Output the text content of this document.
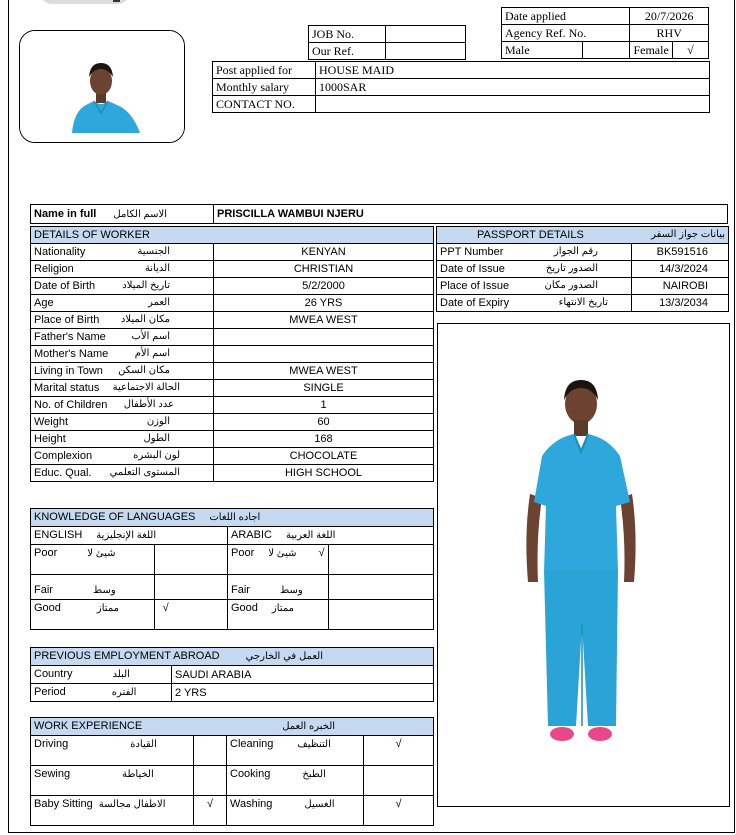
Date applied		20/7/2026	
Agency Ref. No.		RHV	
Male		Female	√
JOB No.	
Our Ref.	
Post applied for	HOUSE MAID
Monthly salary	1000SAR
CONTACT NO.	
Name in full الاسم الكامل	PRISCILLA WAMBUI NJERU
DETAILS OF WORKER	
Nationality الجنسية	KENYAN
Religion الديانة	CHRISTIAN
Date of Birth تاريخ الميلاد	5/2/2000
Age العمر	26 YRS
Place of Birth مكان الميلاد	MWEA WEST
Father's Name اسم الأب	

Mother's Name اسم الأم	

Living in Town مكان السكن	MWEA WEST
Marital status الحالة الاجتماعية	SINGLE
No. of Children عدد الأطفال	1
Weight الوزن	60
Height الطول	168
Complexion لون البشره	CHOCOLATE
Educ. Qual. المستوى التعلمي	HIGH SCHOOL
PASSPORT DETAILS بيانات جواز السفر	

PPT Number رقم الجواز	BK591516
Date of Issue الصدور تاريخ	14/3/2024
Place of Issue الصدور مكان	NAIROBI
Date of Expiry تاريخ الانتهاء	13/3/2034
KNOWLEDGE OF LANGUAGES اجاده اللغات			
ENGLISH اللغة الإنجليزية		ARABIC اللغة العربية	
Poor شيئ لا		Poor شيئ لا √	
Fair وسط		Fair وسط	
Good ممتاز	√	Good ممتاز	
PREVIOUS EMPLOYMENT ABROAD العمل في الخارجي	
Country البلد	SAUDI ARABIA
Period الفتره	2 YRS
WORK EXPERIENCE الخبره العمل			
Driving القيادة		Cleaning التنظيف	√
Sewing الخياطة		Cooking الطبخ	
Baby Sitting الاطفال مجالسة	√	Washing الغسيل	√
